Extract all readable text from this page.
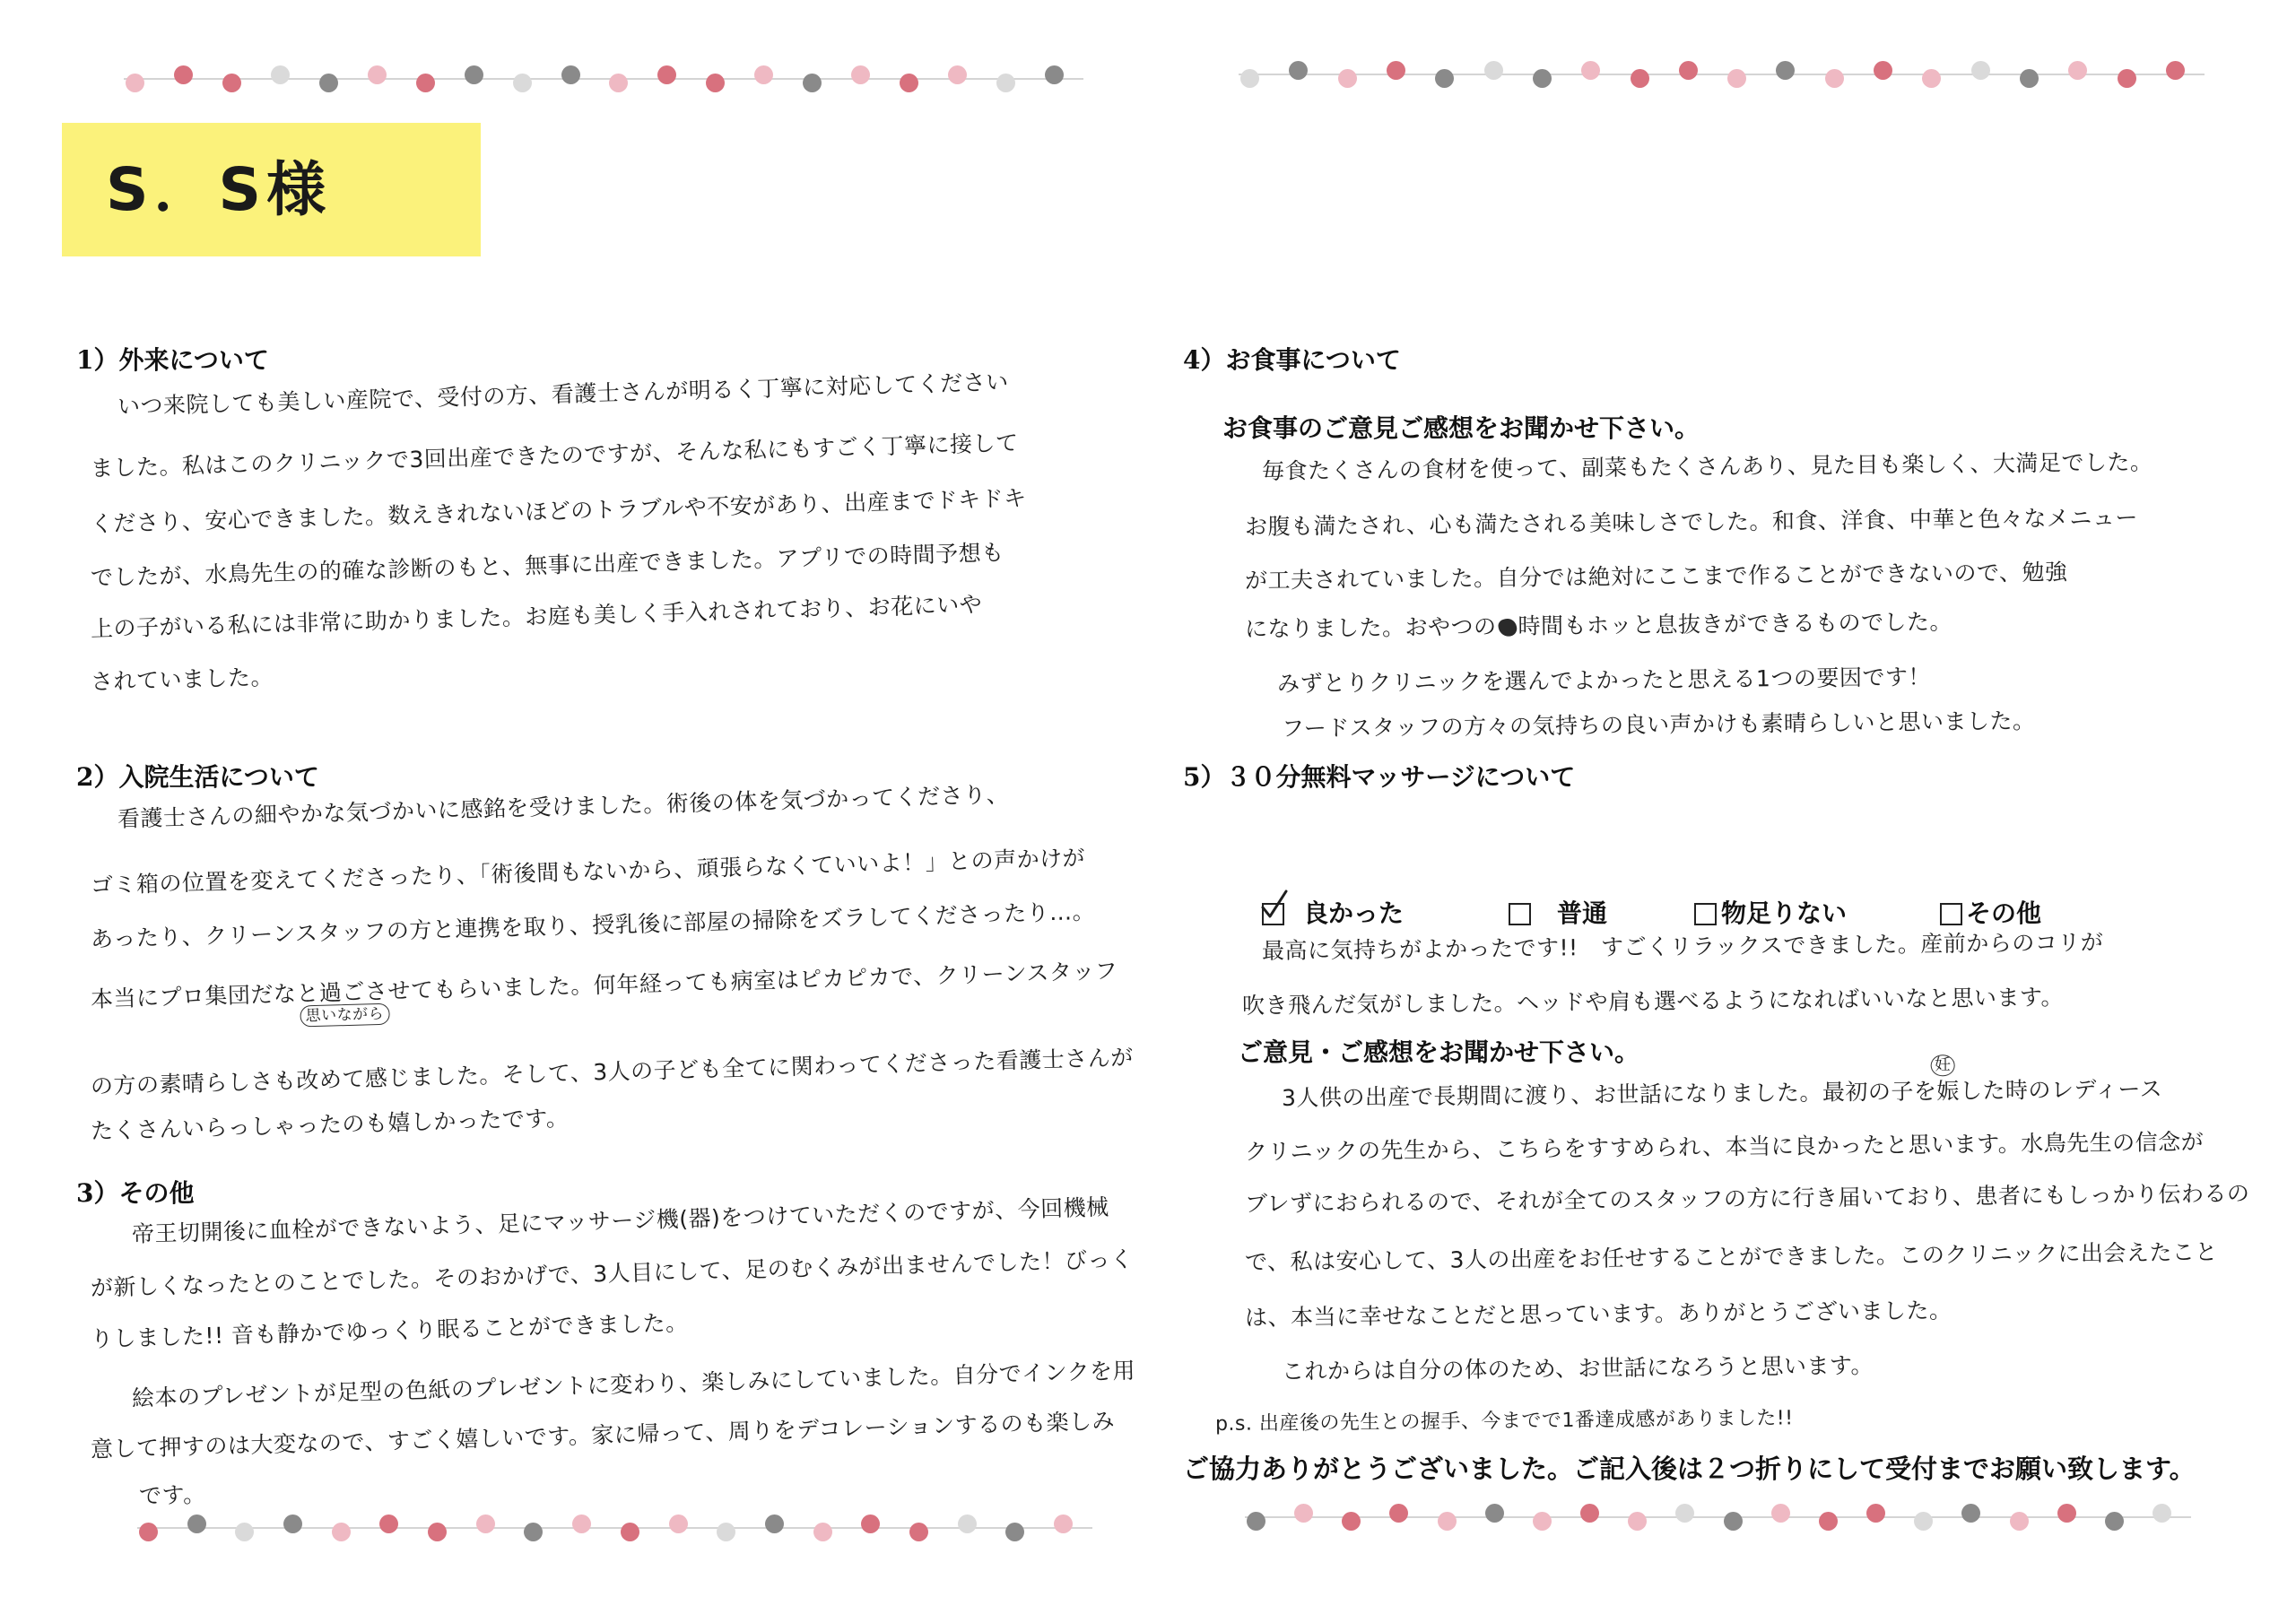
S．S様
1）外来について
いつ来院しても美しい産院で、受付の方、看護士さんが明るく丁寧に対応してください
ました。私はこのクリニックで3回出産できたのですが、そんな私にもすごく丁寧に接して
くださり、安心できました。数えきれないほどのトラブルや不安があり、出産までドキドキ
でしたが、水鳥先生の的確な診断のもと、無事に出産できました。アプリでの時間予想も
上の子がいる私には非常に助かりました。お庭も美しく手入れされており、お花にいや
されていました。
2）入院生活について
看護士さんの細やかな気づかいに感銘を受けました。術後の体を気づかってくださり、
ゴミ箱の位置を変えてくださったり、「術後間もないから、頑張らなくていいよ！」との声かけが
あったり、クリーンスタッフの方と連携を取り、授乳後に部屋の掃除をズラしてくださったり…。
本当にプロ集団だなと
思いながら
過ごさせてもらいました。何年経っても病室はピカピカで、クリーンスタッフ
の方の素晴らしさも改めて感じました。そして、3人の子ども全てに関わってくださった看護士さんが
たくさんいらっしゃったのも嬉しかったです。
3）その他
帝王切開後に血栓ができないよう、足にマッサージ機(器)をつけていただくのですが、今回機械
が新しくなったとのことでした。そのおかげで、3人目にして、足のむくみが出ませんでした！びっく
りしました!! 音も静かでゆっくり眠ることができました。
絵本のプレゼントが足型の色紙のプレゼントに変わり、楽しみにしていました。自分でインクを用
意して押すのは大変なので、すごく嬉しいです。家に帰って、周りをデコレーションするのも楽しみ
です。
4）お食事について
お食事のご意見ご感想をお聞かせ下さい。
毎食たくさんの食材を使って、副菜もたくさんあり、見た目も楽しく、大満足でした。
お腹も満たされ、心も満たされる美味しさでした。和食、洋食、中華と色々なメニュー
が工夫されていました。自分では絶対にここまで作ることができないので、勉強
になりました。おやつの 時間もホッと息抜きができるものでした。
みずとりクリニックを選んでよかったと思える1つの要因です！
フードスタッフの方々の気持ちの良い声かけも素晴らしいと思いました。
5）３０分無料マッサージについて
良かった	普通	物足りない	その他
最高に気持ちがよかったです!!　すごくリラックスできました。産前からのコリが
吹き飛んだ気がしました。ヘッドや肩も選べるようになればいいなと思います。
ご意見・ご感想をお聞かせ下さい。
3人供の出産で長期間に渡り、お世話になりました。最初の子を
妊
娠した時のレディース
クリニックの先生から、こちらをすすめられ、本当に良かったと思います。水鳥先生の信念が
ブレずにおられるので、それが全てのスタッフの方に行き届いており、患者にもしっかり伝わるの
で、私は安心して、3人の出産をお任せすることができました。このクリニックに出会えたこと
は、本当に幸せなことだと思っています。ありがとうございました。
これからは自分の体のため、お世話になろうと思います。
p.s. 出産後の先生との握手、今までで1番達成感がありました!!
ご協力ありがとうございました。ご記入後は２つ折りにして受付までお願い致します。
